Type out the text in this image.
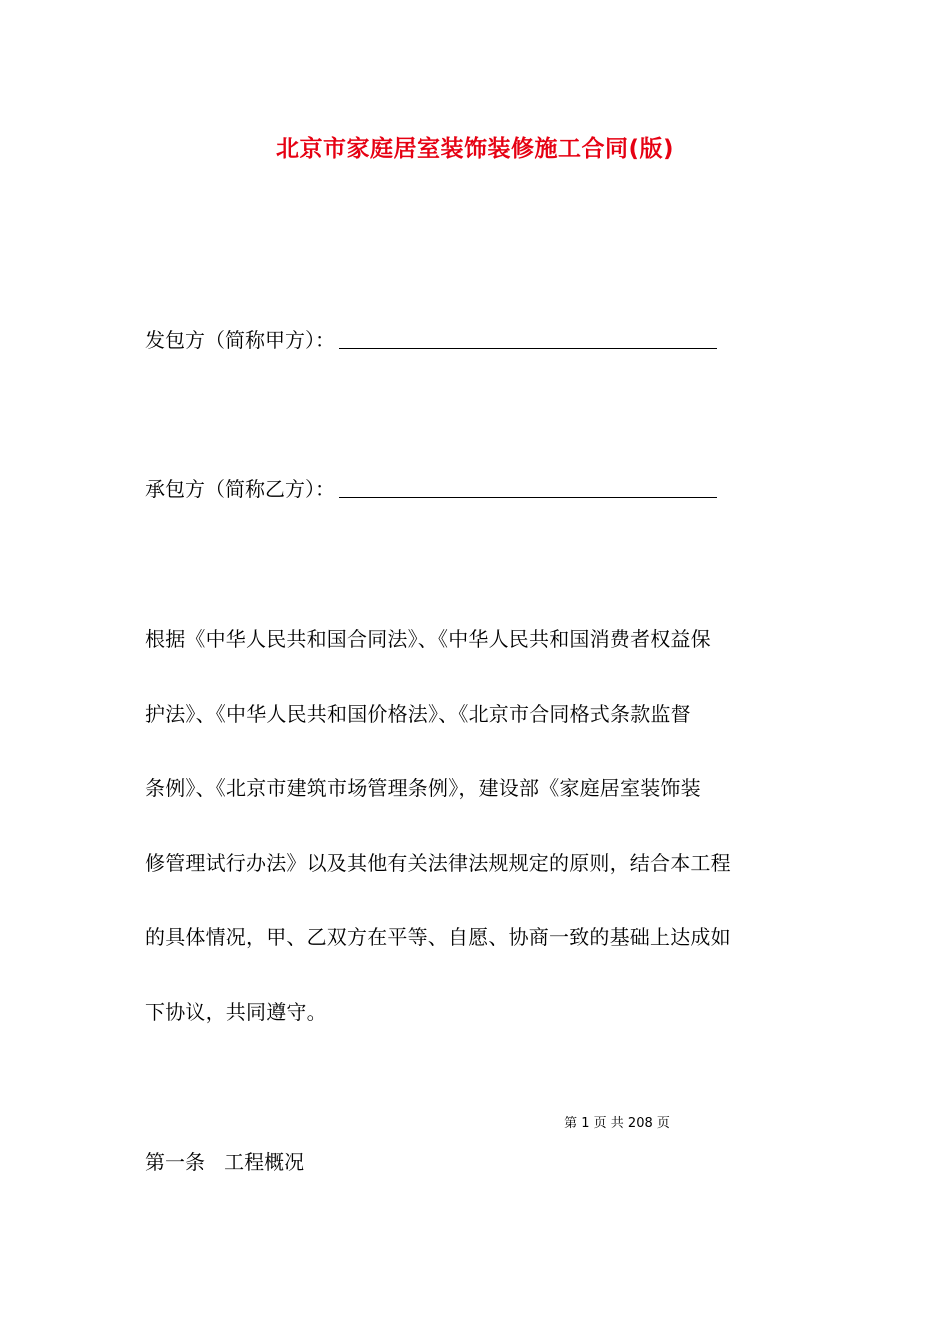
北京市家庭居室装饰装修施工合同(版)
发包方（简称甲方）：
承包方（简称乙方）：

根据《中华人民共和国合同法》、《中华人民共和国消费者权益保
护法》、《中华人民共和国价格法》、《北京市合同格式条款监督
条例》、《北京市建筑市场管理条例》，建设部《家庭居室装饰装
修管理试行办法》以及其他有关法律法规规定的原则，结合本工程
的具体情况，甲、乙双方在平等、自愿、协商一致的基础上达成如
下协议，共同遵守。

第 1 页 共 208 页
第一条   工程概况
